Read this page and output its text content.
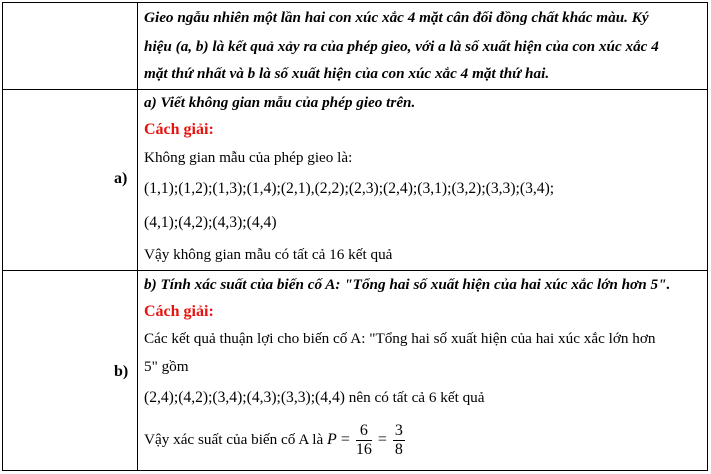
Gieo ngẫu nhiên một lần hai con xúc xắc 4 mặt cân đối đồng chất khác màu. Ký
hiệu (a, b) là kết quả xảy ra của phép gieo, với a là số xuất hiện của con xúc xắc 4
mặt thứ nhất và b là số xuất hiện của con xúc xắc 4 mặt thứ hai.
a)
a) Viết không gian mẫu của phép gieo trên.
Cách giải:
Không gian mẫu của phép gieo là:
(1,1);(1,2);(1,3);(1,4);(2,1),(2,2);(2,3);(2,4);(3,1);(3,2);(3,3);(3,4);
(4,1);(4,2);(4,3);(4,4)
Vậy không gian mẫu có tất cả 16 kết quả
b)
b) Tính xác suất của biến cố A: "Tổng hai số xuất hiện của hai xúc xắc lớn hơn 5".
Cách giải:
Các kết quả thuận lợi cho biến cố A: "Tổng hai số xuất hiện của hai xúc xắc lớn hơn
5" gồm
(2,4);(4,2);(3,4);(4,3);(3,3);(4,4) nên có tất cả 6 kết quả
Vậy xác suất của biến cố A là $P = \frac{6}{16} = \frac{3}{8}$
